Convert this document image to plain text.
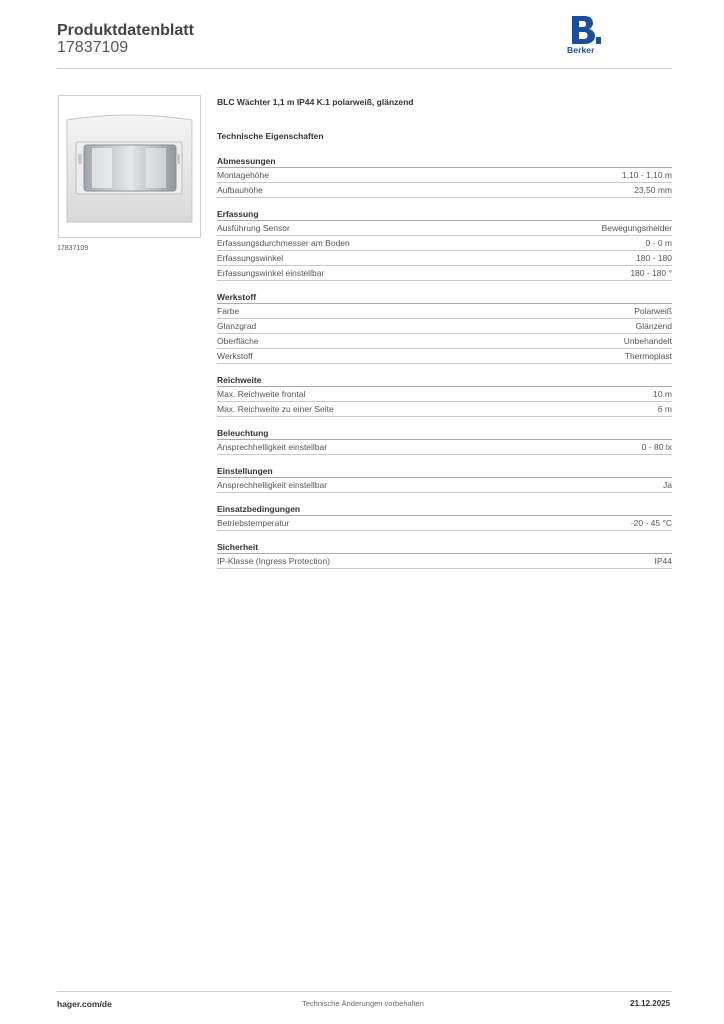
Produktdatenblatt
17837109	Berker
17837109
BLC Wächter 1,1 m IP44 K.1 polarweiß, glänzend
Technische Eigenschaften
Abmessungen
Montagehöhe	1,10 - 1,10 m
Aufbauhöhe	23,50 mm
Erfassung
Ausführung Sensor	Bewegungsmelder
Erfassungsdurchmesser am Boden	0 - 0 m
Erfassungswinkel	180 - 180
Erfassungswinkel einstellbar	180 - 180 °
Werkstoff
Farbe	Polarweiß
Glanzgrad	Glänzend
Oberfläche	Unbehandelt
Werkstoff	Thermoplast
Reichweite
Max. Reichweite frontal	10 m
Max. Reichweite zu einer Seite	6 m
Beleuchtung
Ansprechhelligkeit einstellbar	0 - 80 lx
Einstellungen
Ansprechhelligkeit einstellbar	Ja
Einsatzbedingungen
Betriebstemperatur	-20 - 45 °C
Sicherheit
IP-Klasse (Ingress Protection)	IP44
hager.com/de	Technische Änderungen vorbehalten	21.12.2025
